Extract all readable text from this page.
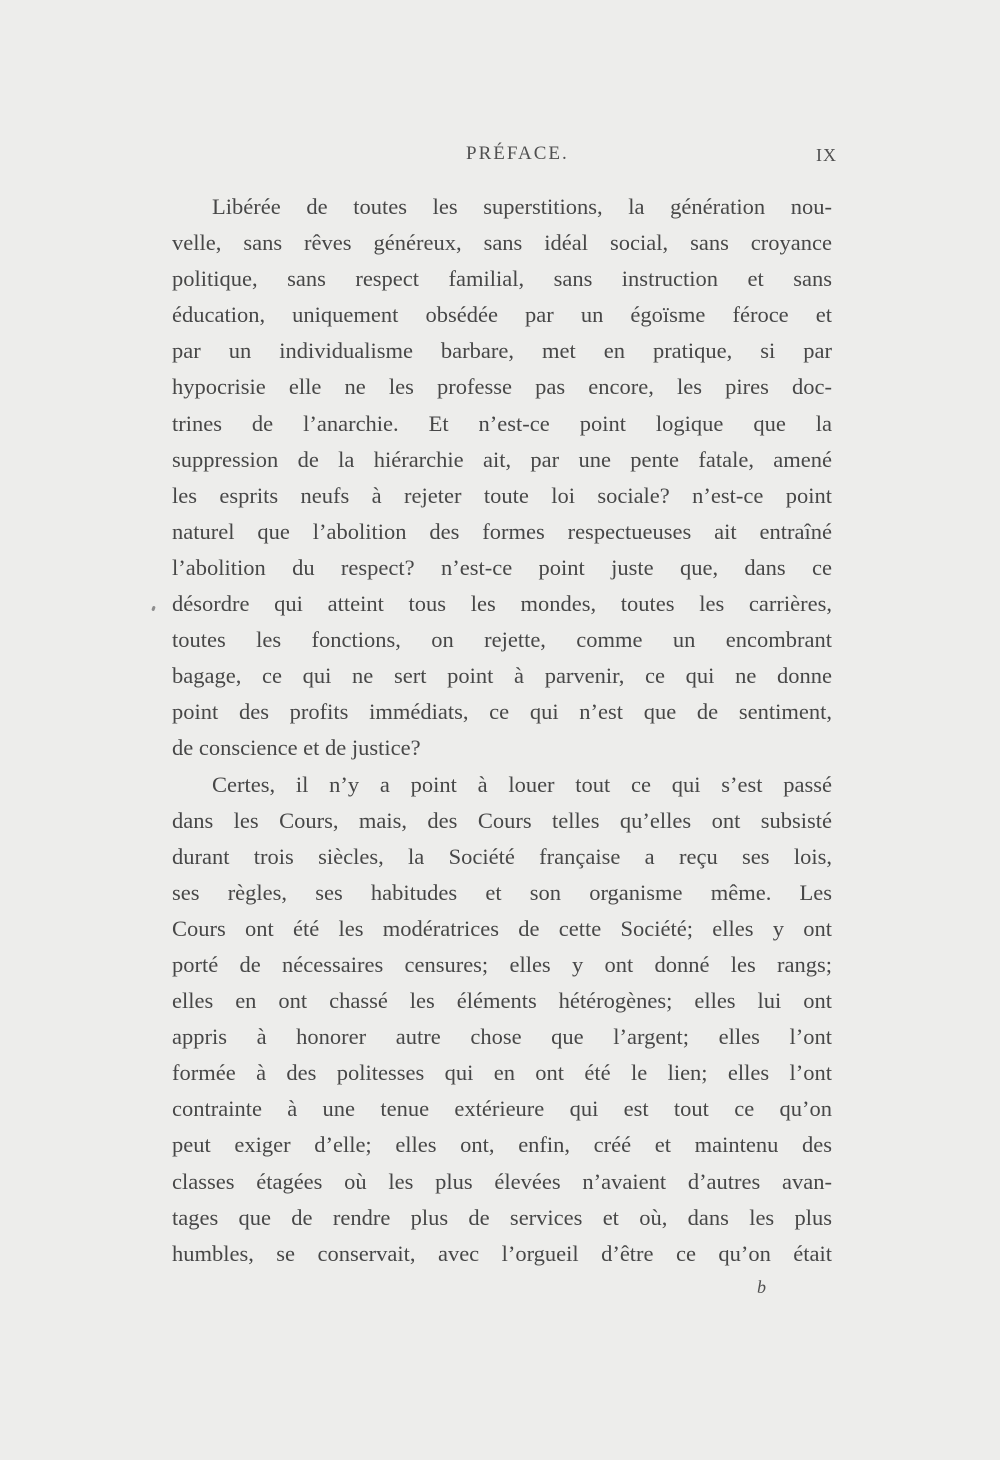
PRÉFACE.	IX
Libérée de toutes les superstitions, la génération nou-
velle, sans rêves généreux, sans idéal social, sans croyance
politique, sans respect familial, sans instruction et sans
éducation, uniquement obsédée par un égoïsme féroce et
par un individualisme barbare, met en pratique, si par
hypocrisie elle ne les professe pas encore, les pires doc-
trines de l’anarchie. Et n’est-ce point logique que la
suppression de la hiérarchie ait, par une pente fatale, amené
les esprits neufs à rejeter toute loi sociale? n’est-ce point
naturel que l’abolition des formes respectueuses ait entraîné
l’abolition du respect? n’est-ce point juste que, dans ce
désordre qui atteint tous les mondes, toutes les carrières,
toutes les fonctions, on rejette, comme un encombrant
bagage, ce qui ne sert point à parvenir, ce qui ne donne
point des profits immédiats, ce qui n’est que de sentiment,
de conscience et de justice?
Certes, il n’y a point à louer tout ce qui s’est passé
dans les Cours, mais, des Cours telles qu’elles ont subsisté
durant trois siècles, la Société française a reçu ses lois,
ses règles, ses habitudes et son organisme même. Les
Cours ont été les modératrices de cette Société; elles y ont
porté de nécessaires censures; elles y ont donné les rangs;
elles en ont chassé les éléments hétérogènes; elles lui ont
appris à honorer autre chose que l’argent; elles l’ont
formée à des politesses qui en ont été le lien; elles l’ont
contrainte à une tenue extérieure qui est tout ce qu’on
peut exiger d’elle; elles ont, enfin, créé et maintenu des
classes étagées où les plus élevées n’avaient d’autres avan-
tages que de rendre plus de services et où, dans les plus
humbles, se conservait, avec l’orgueil d’être ce qu’on était
b
